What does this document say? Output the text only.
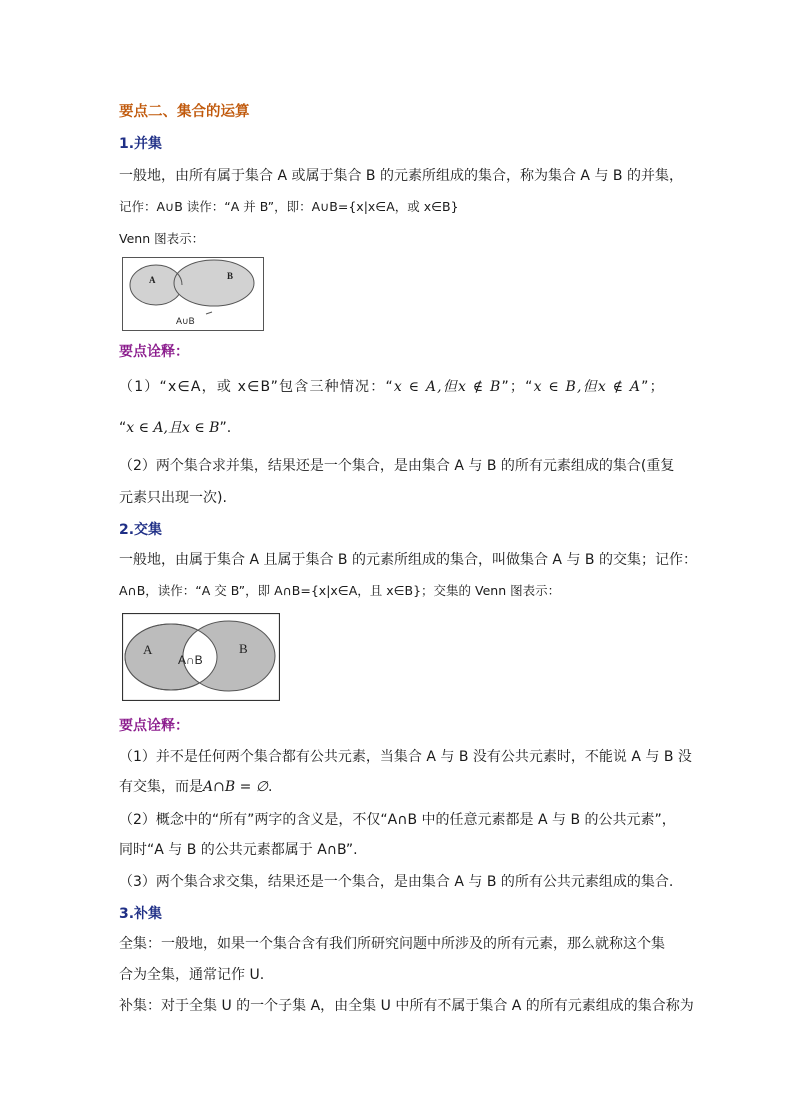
要点二、集合的运算
1.并集
一般地，由所有属于集合 A 或属于集合 B 的元素所组成的集合，称为集合 A 与 B 的并集，
记作：A∪B 读作：“A 并 B”，即：A∪B={x|x∈A，或 x∈B}
Venn 图表示：
A	B
A∪B
要点诠释：
（1）“x∈A，或 x∈B”包含三种情况：“x ∈ A,但x ∉ B”；“x ∈ B,但x ∉ A”；
“x ∈ A,且x ∈ B”.
（2）两个集合求并集，结果还是一个集合，是由集合 A 与 B 的所有元素组成的集合(重复
元素只出现一次).
2.交集
一般地，由属于集合 A 且属于集合 B 的元素所组成的集合，叫做集合 A 与 B 的交集；记作：
A∩B，读作：“A 交 B”，即 A∩B={x|x∈A，且 x∈B}；交集的 Venn 图表示：
A	B
A∩B
要点诠释：
（1）并不是任何两个集合都有公共元素，当集合 A 与 B 没有公共元素时，不能说 A 与 B 没
有交集，而是A∩B = ∅.
（2）概念中的“所有”两字的含义是，不仅“A∩B 中的任意元素都是 A 与 B 的公共元素”，
同时“A 与 B 的公共元素都属于 A∩B”.
（3）两个集合求交集，结果还是一个集合，是由集合 A 与 B 的所有公共元素组成的集合.
3.补集
全集：一般地，如果一个集合含有我们所研究问题中所涉及的所有元素，那么就称这个集
合为全集，通常记作 U.
补集：对于全集 U 的一个子集 A，由全集 U 中所有不属于集合 A 的所有元素组成的集合称为
